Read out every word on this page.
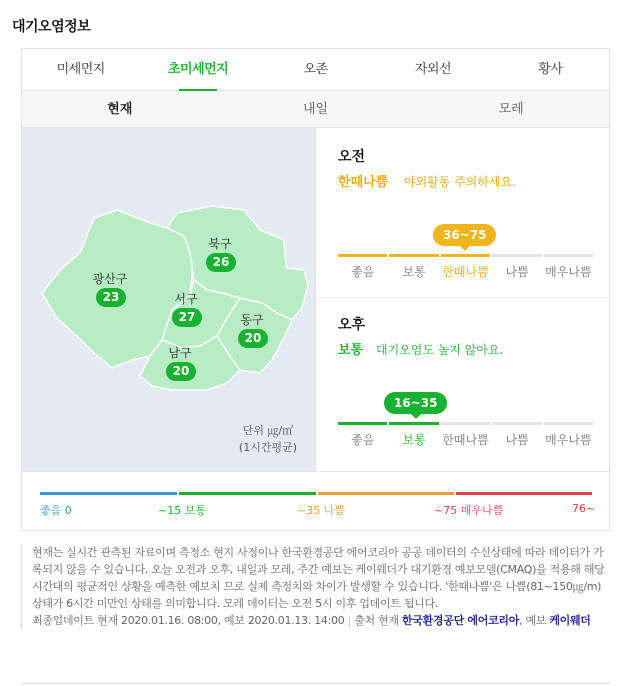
대기오염정보
미세먼지	초미세먼지	오존	자외선	황사
현재	내일	모레
광산구
23
북구
26
서구
27	동구
20
남구
20
단위 ㎍/㎥
(1시간평균)
오전
한때나쁨 야외활동 주의하세요.
36~75
좋음	보통	한때나쁨	나쁨	매우나쁨
오후
보통 대기오염도 높지 않아요.
16~35
좋음	보통	한때나쁨	나쁨	매우나쁨
좋음 0	~15 보통	~35 나쁨	~75 매우나쁨	76~
현재는 실시간 관측된 자료이며 측정소 현지 사정이나 한국환경공단 에어코리아 공공 데이터의 수신상태에 따라 데이터가 가록되지 않을 수 있습니다. 오늘 오전과 오후, 내일과 모레, 주간 예보는 케이웨더가 대기환경 예보모델(CMAQ)을 적용해 해당 시간대의 평균적인 상황을 예측한 예보치 므로 실제 측정치와 차이가 발생할 수 있습니다. '한때나쁨'은 나쁨(81~150㎍/m)상태가 6시간 미만인 상태를 의미합니다. 모레 데이터는 오전 5시 이후 업데이트 됩니다.
최종업데이트 현재 2020.01.16. 08:00, 예보 2020.01.13. 14:00 | 출처 현재 한국환경공단 에어코리아, 예보 케이웨더
